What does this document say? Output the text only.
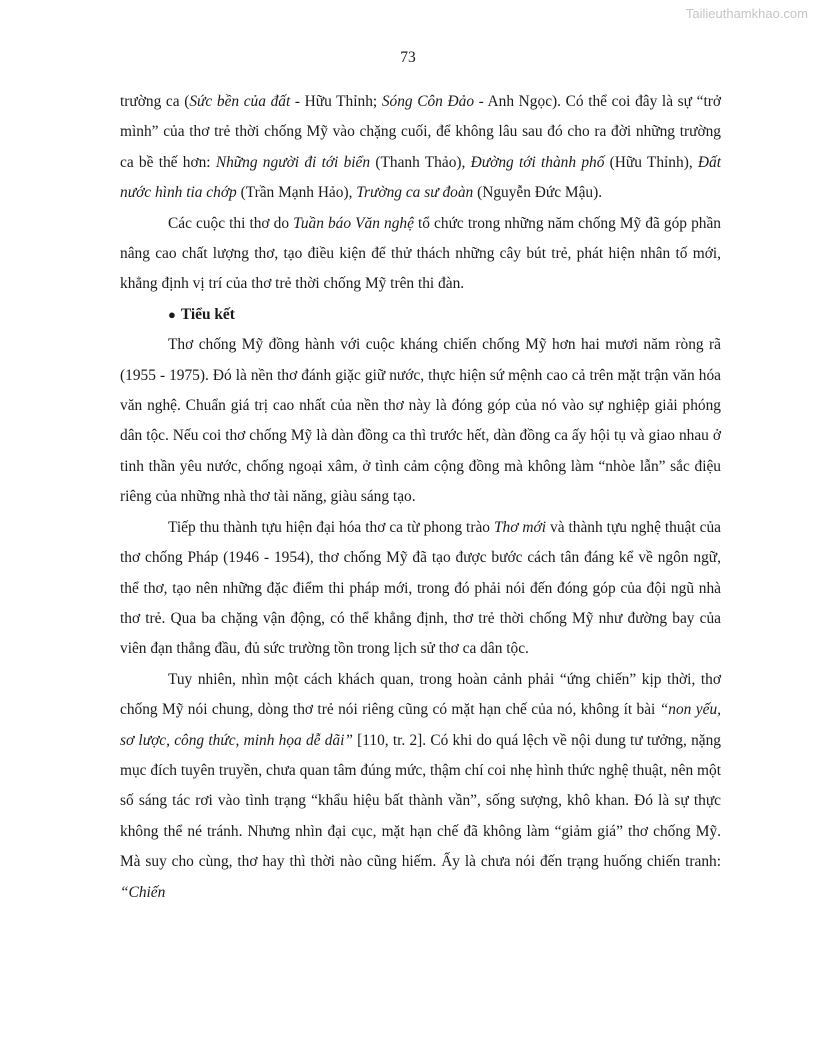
Tailieuthamkhao.com
73

trường ca (Sức bền của đất - Hữu Thỉnh; Sóng Côn Đảo - Anh Ngọc). Có thể coi đây là sự “trở mình” của thơ trẻ thời chống Mỹ vào chặng cuối, để không lâu sau đó cho ra đời những trường ca bề thế hơn: Những người đi tới biển (Thanh Thảo), Đường tới thành phố (Hữu Thỉnh), Đất nước hình tia chớp (Trần Mạnh Hảo), Trường ca sư đoàn (Nguyễn Đức Mậu).

Các cuộc thi thơ do Tuần báo Văn nghệ tổ chức trong những năm chống Mỹ đã góp phần nâng cao chất lượng thơ, tạo điều kiện để thử thách những cây bút trẻ, phát hiện nhân tố mới, khẳng định vị trí của thơ trẻ thời chống Mỹ trên thi đàn.

● Tiểu kết

Thơ chống Mỹ đồng hành với cuộc kháng chiến chống Mỹ hơn hai mươi năm ròng rã (1955 - 1975). Đó là nền thơ đánh giặc giữ nước, thực hiện sứ mệnh cao cả trên mặt trận văn hóa văn nghệ. Chuẩn giá trị cao nhất của nền thơ này là đóng góp của nó vào sự nghiệp giải phóng dân tộc. Nếu coi thơ chống Mỹ là dàn đồng ca thì trước hết, dàn đồng ca ấy hội tụ và giao nhau ở tinh thần yêu nước, chống ngoại xâm, ở tình cảm cộng đồng mà không làm “nhòe lẫn” sắc điệu riêng của những nhà thơ tài năng, giàu sáng tạo.

Tiếp thu thành tựu hiện đại hóa thơ ca từ phong trào Thơ mới và thành tựu nghệ thuật của thơ chống Pháp (1946 - 1954), thơ chống Mỹ đã tạo được bước cách tân đáng kể về ngôn ngữ, thể thơ, tạo nên những đặc điểm thi pháp mới, trong đó phải nói đến đóng góp của đội ngũ nhà thơ trẻ. Qua ba chặng vận động, có thể khẳng định, thơ trẻ thời chống Mỹ như đường bay của viên đạn thẳng đầu, đủ sức trường tồn trong lịch sử thơ ca dân tộc.

Tuy nhiên, nhìn một cách khách quan, trong hoàn cảnh phải “ứng chiến” kịp thời, thơ chống Mỹ nói chung, dòng thơ trẻ nói riêng cũng có mặt hạn chế của nó, không ít bài “non yếu, sơ lược, công thức, minh họa dễ dãi” [110, tr. 2]. Có khi do quá lệch về nội dung tư tưởng, nặng mục đích tuyên truyền, chưa quan tâm đúng mức, thậm chí coi nhẹ hình thức nghệ thuật, nên một số sáng tác rơi vào tình trạng “khẩu hiệu bất thành vần”, sống sượng, khô khan. Đó là sự thực không thể né tránh. Nhưng nhìn đại cục, mặt hạn chế đã không làm “giảm giá” thơ chống Mỹ. Mà suy cho cùng, thơ hay thì thời nào cũng hiếm. Ấy là chưa nói đến trạng huống chiến tranh: “Chiến
